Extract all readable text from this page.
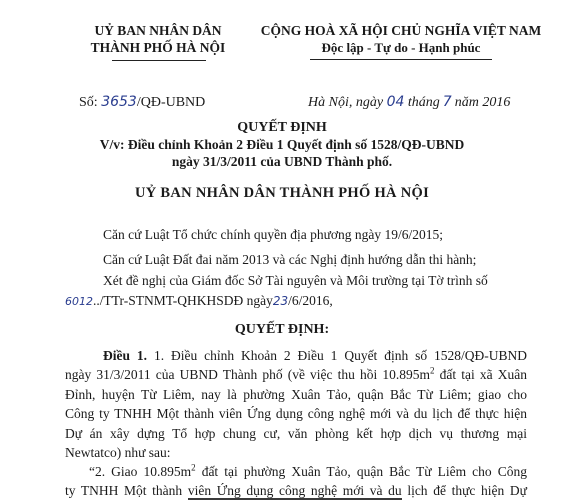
UỶ BAN NHÂN DÂN
THÀNH PHỐ HÀ NỘI
CỘNG HOÀ XÃ HỘI CHỦ NGHĨA VIỆT NAM
Độc lập - Tự do - Hạnh phúc
Số: 3653/QĐ-UBND	Hà Nội, ngày 04 tháng 7 năm 2016
QUYẾT ĐỊNH
V/v: Điều chỉnh Khoản 2 Điều 1 Quyết định số 1528/QĐ-UBND
ngày 31/3/2011 của UBND Thành phố.
UỶ BAN NHÂN DÂN THÀNH PHỐ HÀ NỘI
Căn cứ Luật Tổ chức chính quyền địa phương ngày 19/6/2015;
Căn cứ Luật Đất đai năm 2013 và các Nghị định hướng dẫn thi hành;
Xét đề nghị của Giám đốc Sở Tài nguyên và Môi trường tại Tờ trình số
6012../TTr-STNMT-QHKHSDĐ ngày23/6/2016,
QUYẾT ĐỊNH:
Điều 1. 1. Điều chỉnh Khoản 2 Điều 1 Quyết định số 1528/QĐ-UBND
ngày 31/3/2011 của UBND Thành phố (về việc thu hồi $10.895m^2$ đất tại xã Xuân
Đỉnh, huyện Từ Liêm, nay là phường Xuân Tảo, quận Bắc Từ Liêm; giao cho
Công ty TNHH Một thành viên Ứng dụng công nghệ mới và du lịch để thực hiện
Dự án xây dựng Tổ hợp chung cư, văn phòng kết hợp dịch vụ thương mại
Newtatco) như sau:
“2. Giao $10.895m^2$ đất tại phường Xuân Tảo, quận Bắc Từ Liêm cho Công
ty TNHH Một thành viên Ứng dụng công nghệ mới và du lịch để thực hiện Dự
